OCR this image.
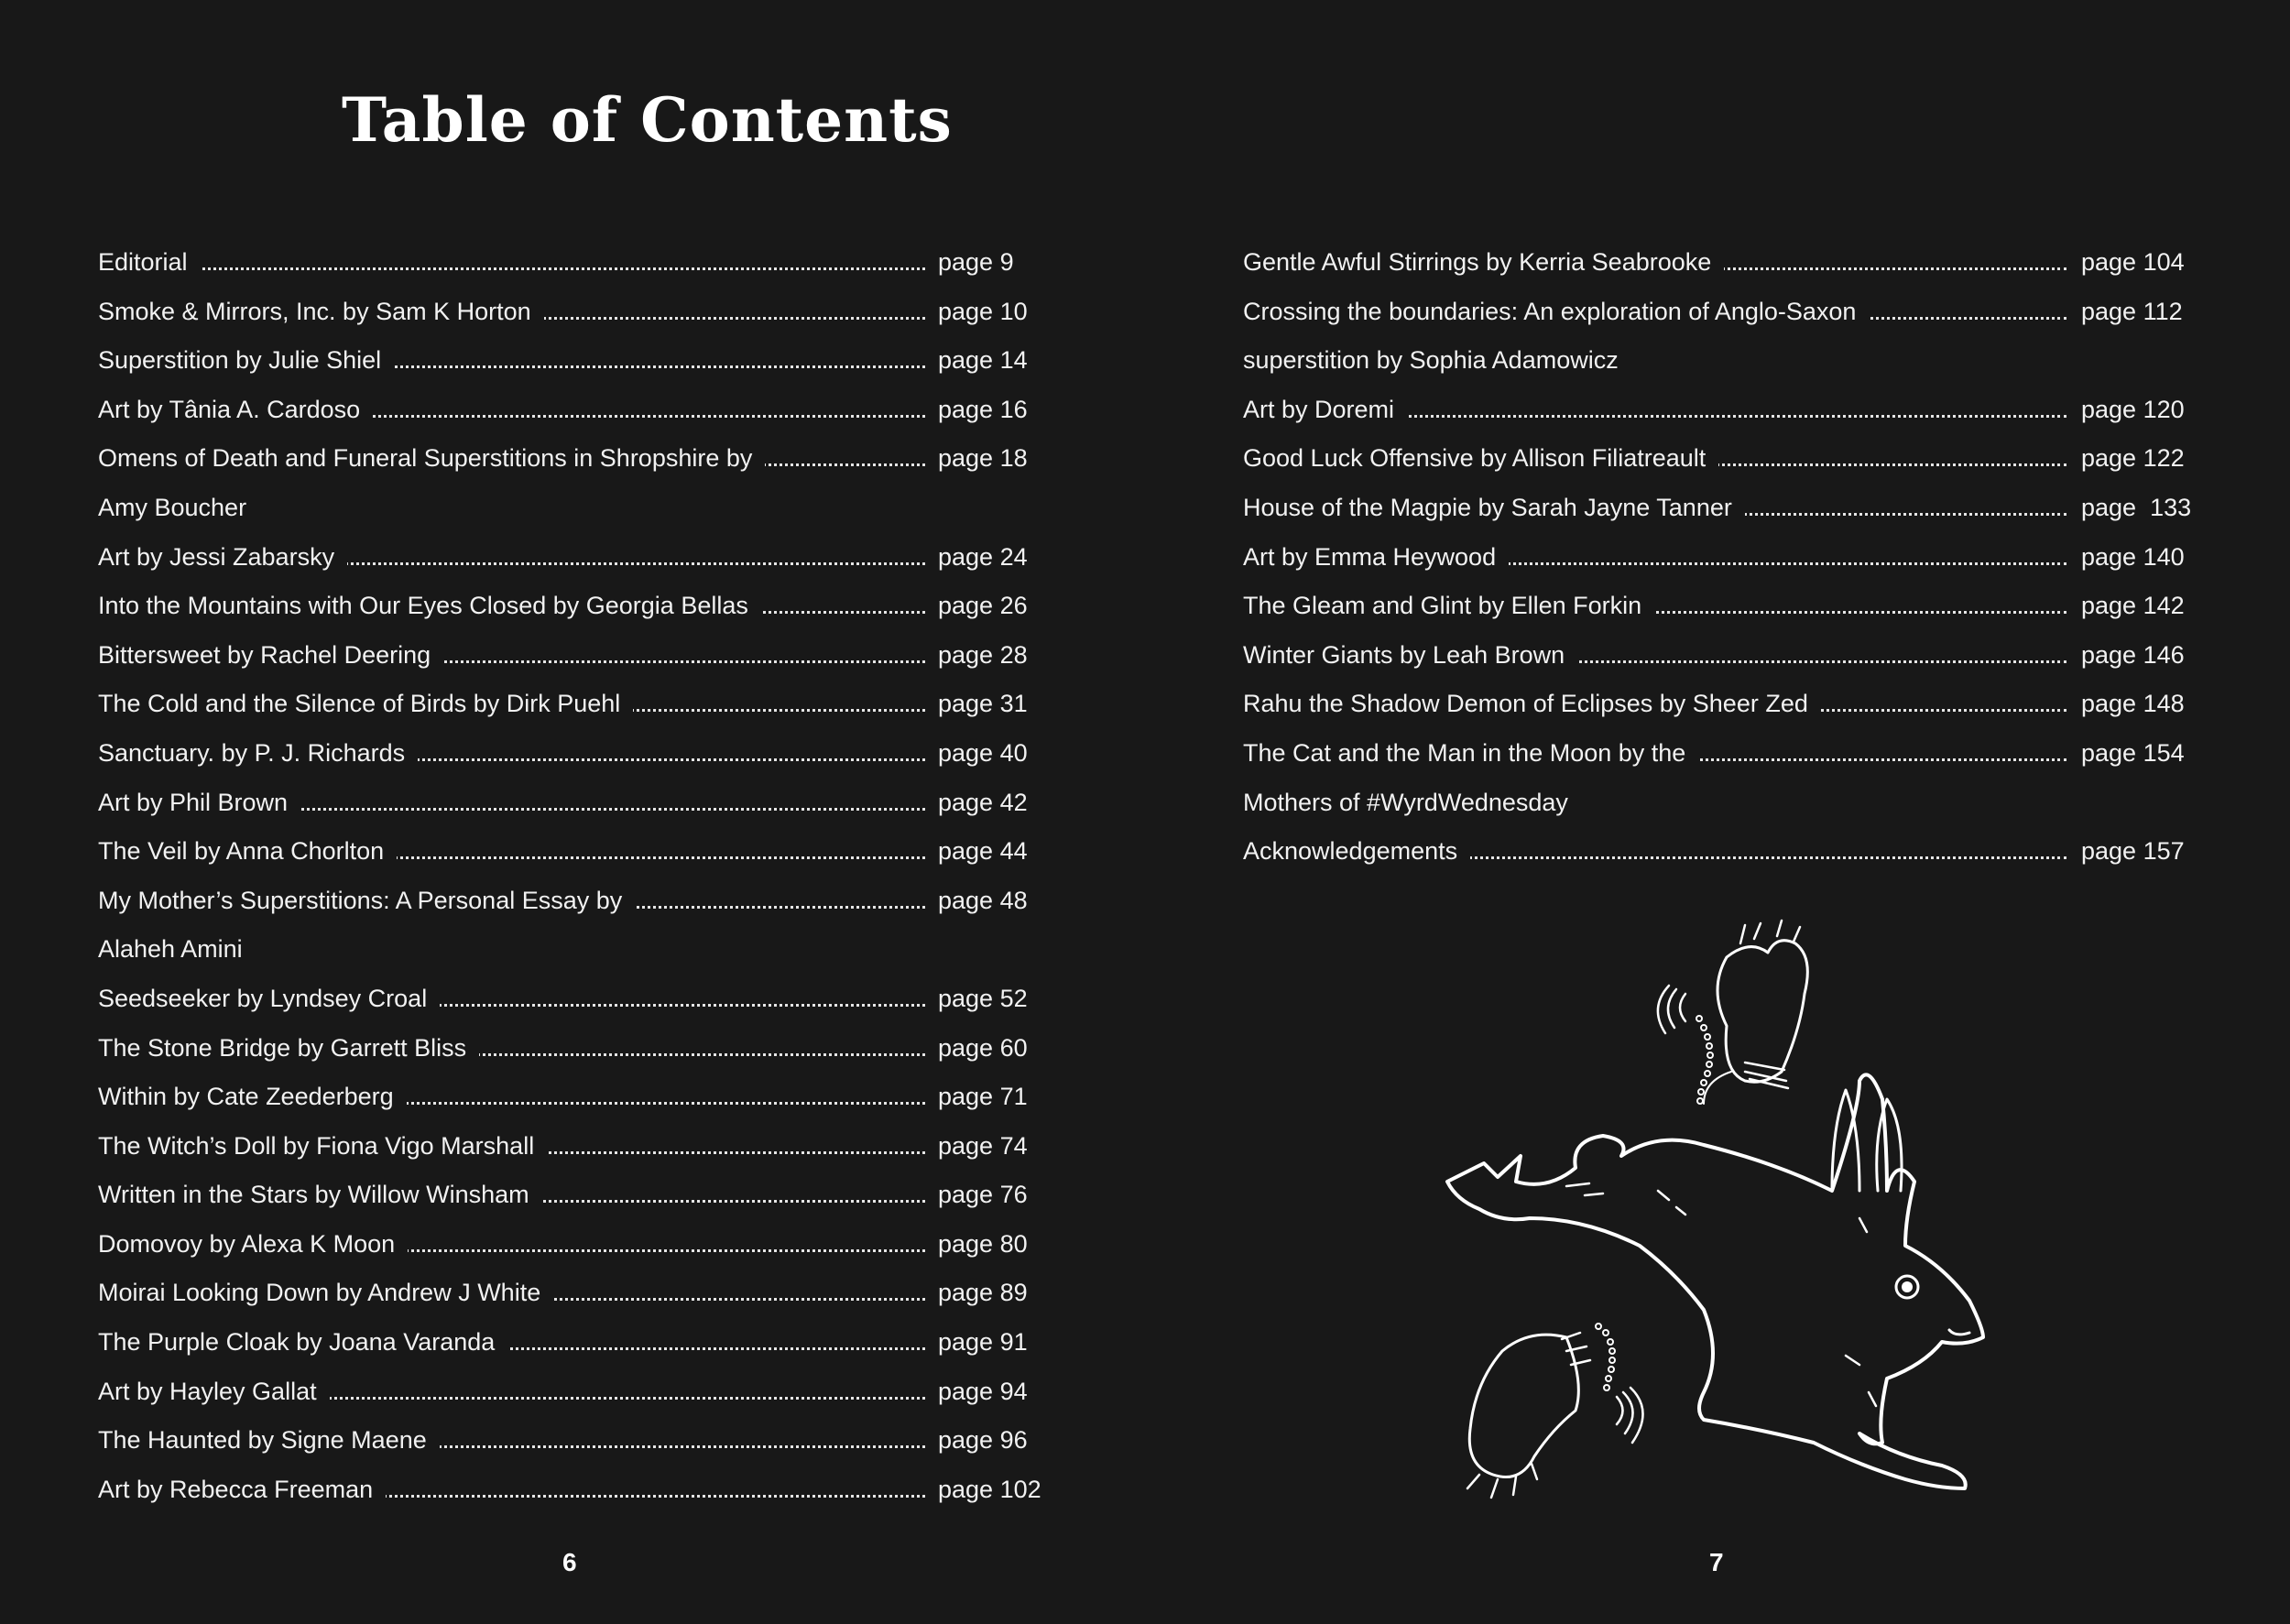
Table of Contents
Editorial	page 9
Smoke & Mirrors, Inc. by Sam K Horton	page 10
Superstition by Julie Shiel	page 14
Art by Tânia A. Cardoso	page 16
Omens of Death and Funeral Superstitions in Shropshire by	page 18
Amy Boucher
Art by Jessi Zabarsky	page 24
Into the Mountains with Our Eyes Closed by Georgia Bellas	page 26
Bittersweet by Rachel Deering	page 28
The Cold and the Silence of Birds by Dirk Puehl	page 31
Sanctuary. by P. J. Richards	page 40
Art by Phil Brown	page 42
The Veil by Anna Chorlton	page 44
My Mother’s Superstitions: A Personal Essay by	page 48
Alaheh Amini
Seedseeker by Lyndsey Croal	page 52
The Stone Bridge by Garrett Bliss	page 60
Within by Cate Zeederberg	page 71
The Witch’s Doll by Fiona Vigo Marshall	page 74
Written in the Stars by Willow Winsham	page 76
Domovoy by Alexa K Moon	page 80
Moirai Looking Down by Andrew J White	page 89
The Purple Cloak by Joana Varanda	page 91
Art by Hayley Gallat	page 94
The Haunted by Signe Maene	page 96
Art by Rebecca Freeman	page 102
Gentle Awful Stirrings by Kerria Seabrooke	page 104
Crossing the boundaries: An exploration of Anglo-Saxon	page 112
superstition by Sophia Adamowicz
Art by Doremi	page 120
Good Luck Offensive by Allison Filiatreault	page 122
House of the Magpie by Sarah Jayne Tanner	page  133
Art by Emma Heywood	page 140
The Gleam and Glint by Ellen Forkin	page 142
Winter Giants by Leah Brown	page 146
Rahu the Shadow Demon of Eclipses by Sheer Zed	page 148
The Cat and the Man in the Moon by the	page 154
Mothers of #WyrdWednesday
Acknowledgements	page 157
6	7
